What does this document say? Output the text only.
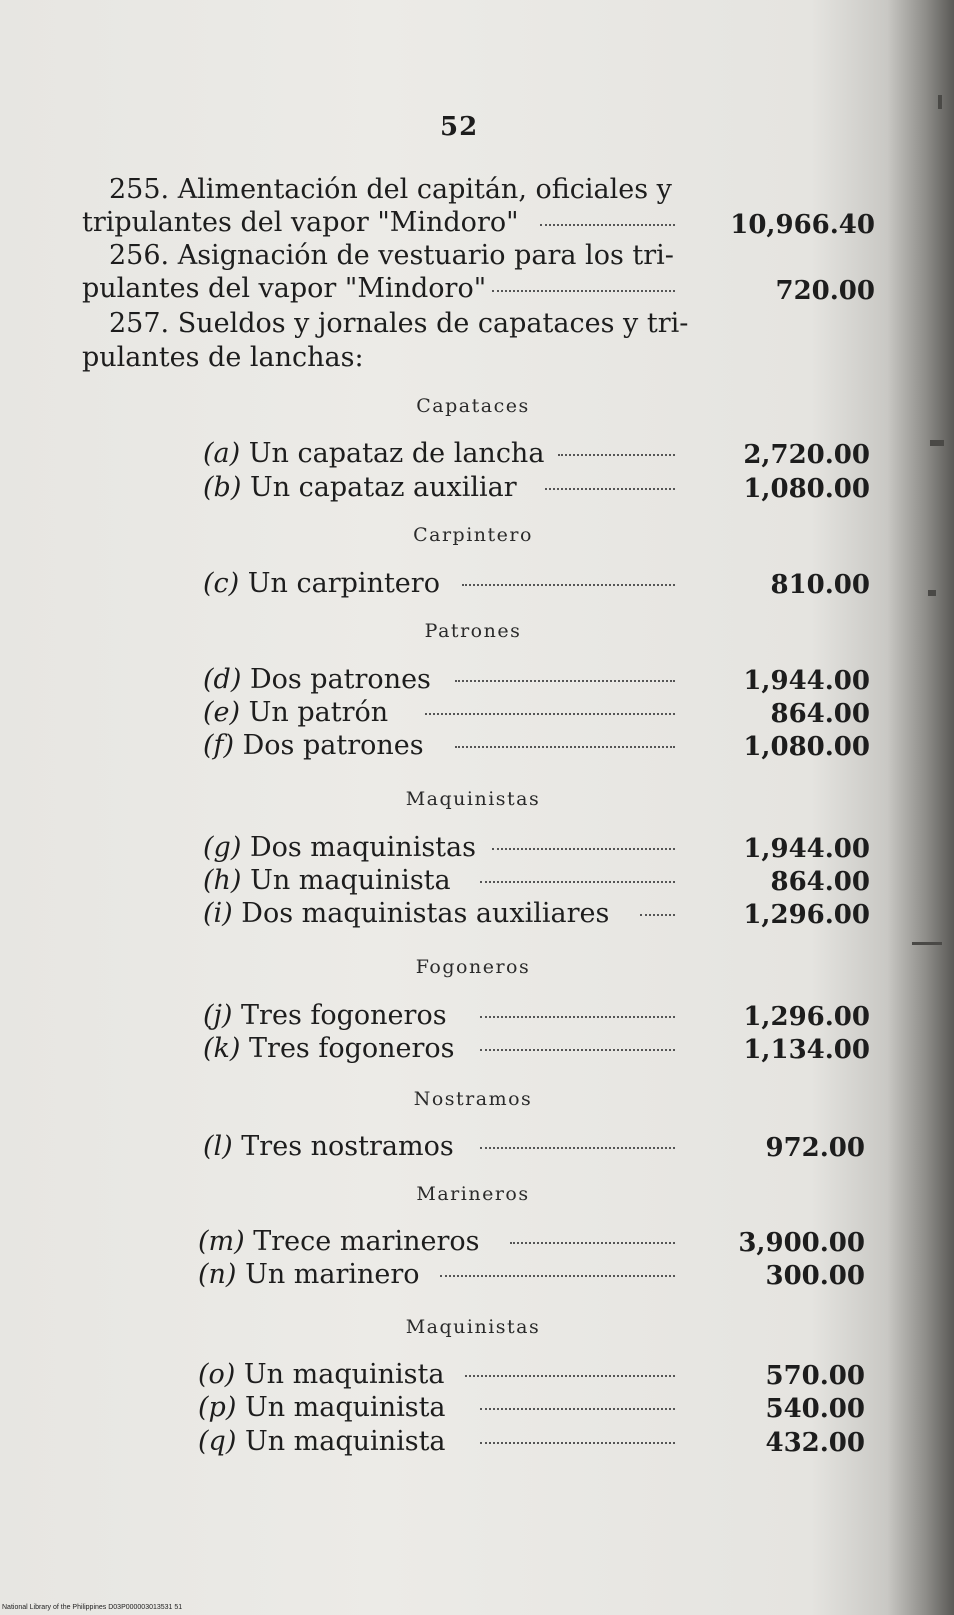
52
255. Alimentación del capitán, oficiales y
tripulantes del vapor "Mindoro"	10,966.40
256. Asignación de vestuario para los tri-
pulantes del vapor "Mindoro"	720.00
257. Sueldos y jornales de capataces y tri-
pulantes de lanchas:
Capataces
(a) Un capataz de lancha	2,720.00
(b) Un capataz auxiliar	1,080.00
Carpintero
(c) Un carpintero	810.00
Patrones
(d) Dos patrones	1,944.00
(e) Un patrón	864.00
(f) Dos patrones	1,080.00
Maquinistas
(g) Dos maquinistas	1,944.00
(h) Un maquinista	864.00
(i) Dos maquinistas auxiliares	1,296.00
Fogoneros
(j) Tres fogoneros	1,296.00
(k) Tres fogoneros	1,134.00
Nostramos
(l) Tres nostramos	972.00
Marineros
(m) Trece marineros	3,900.00
(n) Un marinero	300.00
Maquinistas
(o) Un maquinista	570.00
(p) Un maquinista	540.00
(q) Un maquinista	432.00
National Library of the Philippines D03P000003013531 51
